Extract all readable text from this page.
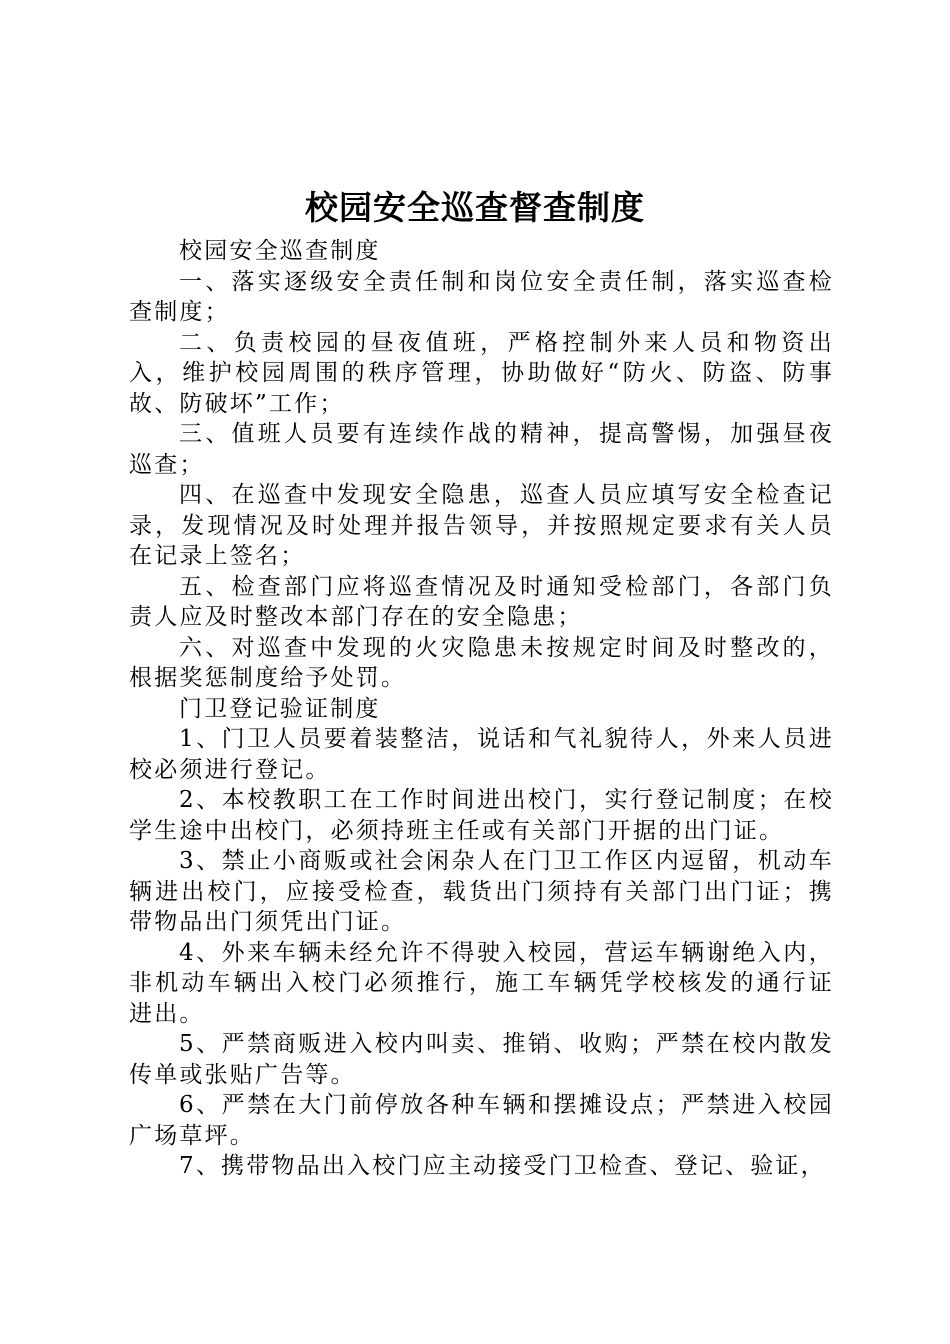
校园安全巡查督查制度

校园安全巡查制度

一、落实逐级安全责任制和岗位安全责任制，落实巡查检查制度；

二、负责校园的昼夜值班，严格控制外来人员和物资出入，维护校园周围的秩序管理，协助做好“防火、防盗、防事故、防破坏”工作；

三、值班人员要有连续作战的精神，提高警惕，加强昼夜巡查；

四、在巡查中发现安全隐患，巡查人员应填写安全检查记录，发现情况及时处理并报告领导，并按照规定要求有关人员在记录上签名；

五、检查部门应将巡查情况及时通知受检部门，各部门负责人应及时整改本部门存在的安全隐患；

六、对巡查中发现的火灾隐患未按规定时间及时整改的，根据奖惩制度给予处罚。

门卫登记验证制度

1、门卫人员要着装整洁，说话和气礼貌待人，外来人员进校必须进行登记。

2、本校教职工在工作时间进出校门，实行登记制度；在校学生途中出校门，必须持班主任或有关部门开据的出门证。

3、禁止小商贩或社会闲杂人在门卫工作区内逗留，机动车辆进出校门，应接受检查，载货出门须持有关部门出门证；携带物品出门须凭出门证。

4、外来车辆未经允许不得驶入校园，营运车辆谢绝入内，非机动车辆出入校门必须推行，施工车辆凭学校核发的通行证进出。

5、严禁商贩进入校内叫卖、推销、收购；严禁在校内散发传单或张贴广告等。

6、严禁在大门前停放各种车辆和摆摊设点；严禁进入校园广场草坪。

7、携带物品出入校门应主动接受门卫检查、登记、验证，
